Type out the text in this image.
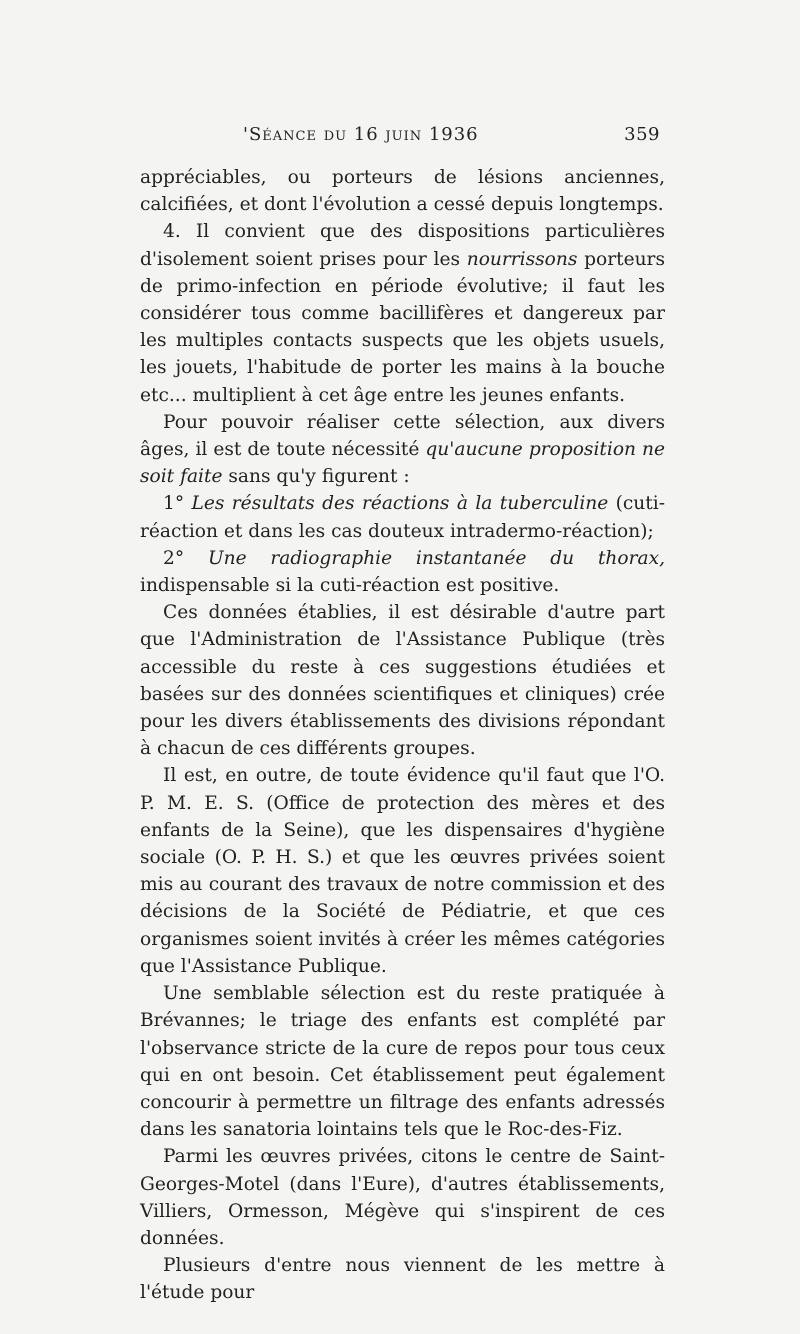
'Séance du 16 juin 1936	359

appréciables, ou porteurs de lésions anciennes, calcifiées, et dont l'évolution a cessé depuis longtemps.

4. Il convient que des dispositions particulières d'isolement soient prises pour les nourrissons porteurs de primo-infection en période évolutive; il faut les considérer tous comme bacillifères et dangereux par les multiples contacts suspects que les objets usuels, les jouets, l'habitude de porter les mains à la bouche etc... multiplient à cet âge entre les jeunes enfants.

Pour pouvoir réaliser cette sélection, aux divers âges, il est de toute nécessité qu'aucune proposition ne soit faite sans qu'y figurent :

1° Les résultats des réactions à la tuberculine (cuti-réaction et dans les cas douteux intradermo-réaction);

2° Une radiographie instantanée du thorax, indispensable si la cuti-réaction est positive.

Ces données établies, il est désirable d'autre part que l'Administration de l'Assistance Publique (très accessible du reste à ces suggestions étudiées et basées sur des données scientifiques et cliniques) crée pour les divers établissements des divisions répondant à chacun de ces différents groupes.

Il est, en outre, de toute évidence qu'il faut que l'O. P. M. E. S. (Office de protection des mères et des enfants de la Seine), que les dispensaires d'hygiène sociale (O. P. H. S.) et que les œuvres privées soient mis au courant des travaux de notre commission et des décisions de la Société de Pédiatrie, et que ces organismes soient invités à créer les mêmes catégories que l'Assistance Publique.

Une semblable sélection est du reste pratiquée à Brévannes; le triage des enfants est complété par l'observance stricte de la cure de repos pour tous ceux qui en ont besoin. Cet établissement peut également concourir à permettre un filtrage des enfants adressés dans les sanatoria lointains tels que le Roc-des-Fiz.

Parmi les œuvres privées, citons le centre de Saint-Georges-Motel (dans l'Eure), d'autres établissements, Villiers, Ormesson, Mégève qui s'inspirent de ces données.

Plusieurs d'entre nous viennent de les mettre à l'étude pour
